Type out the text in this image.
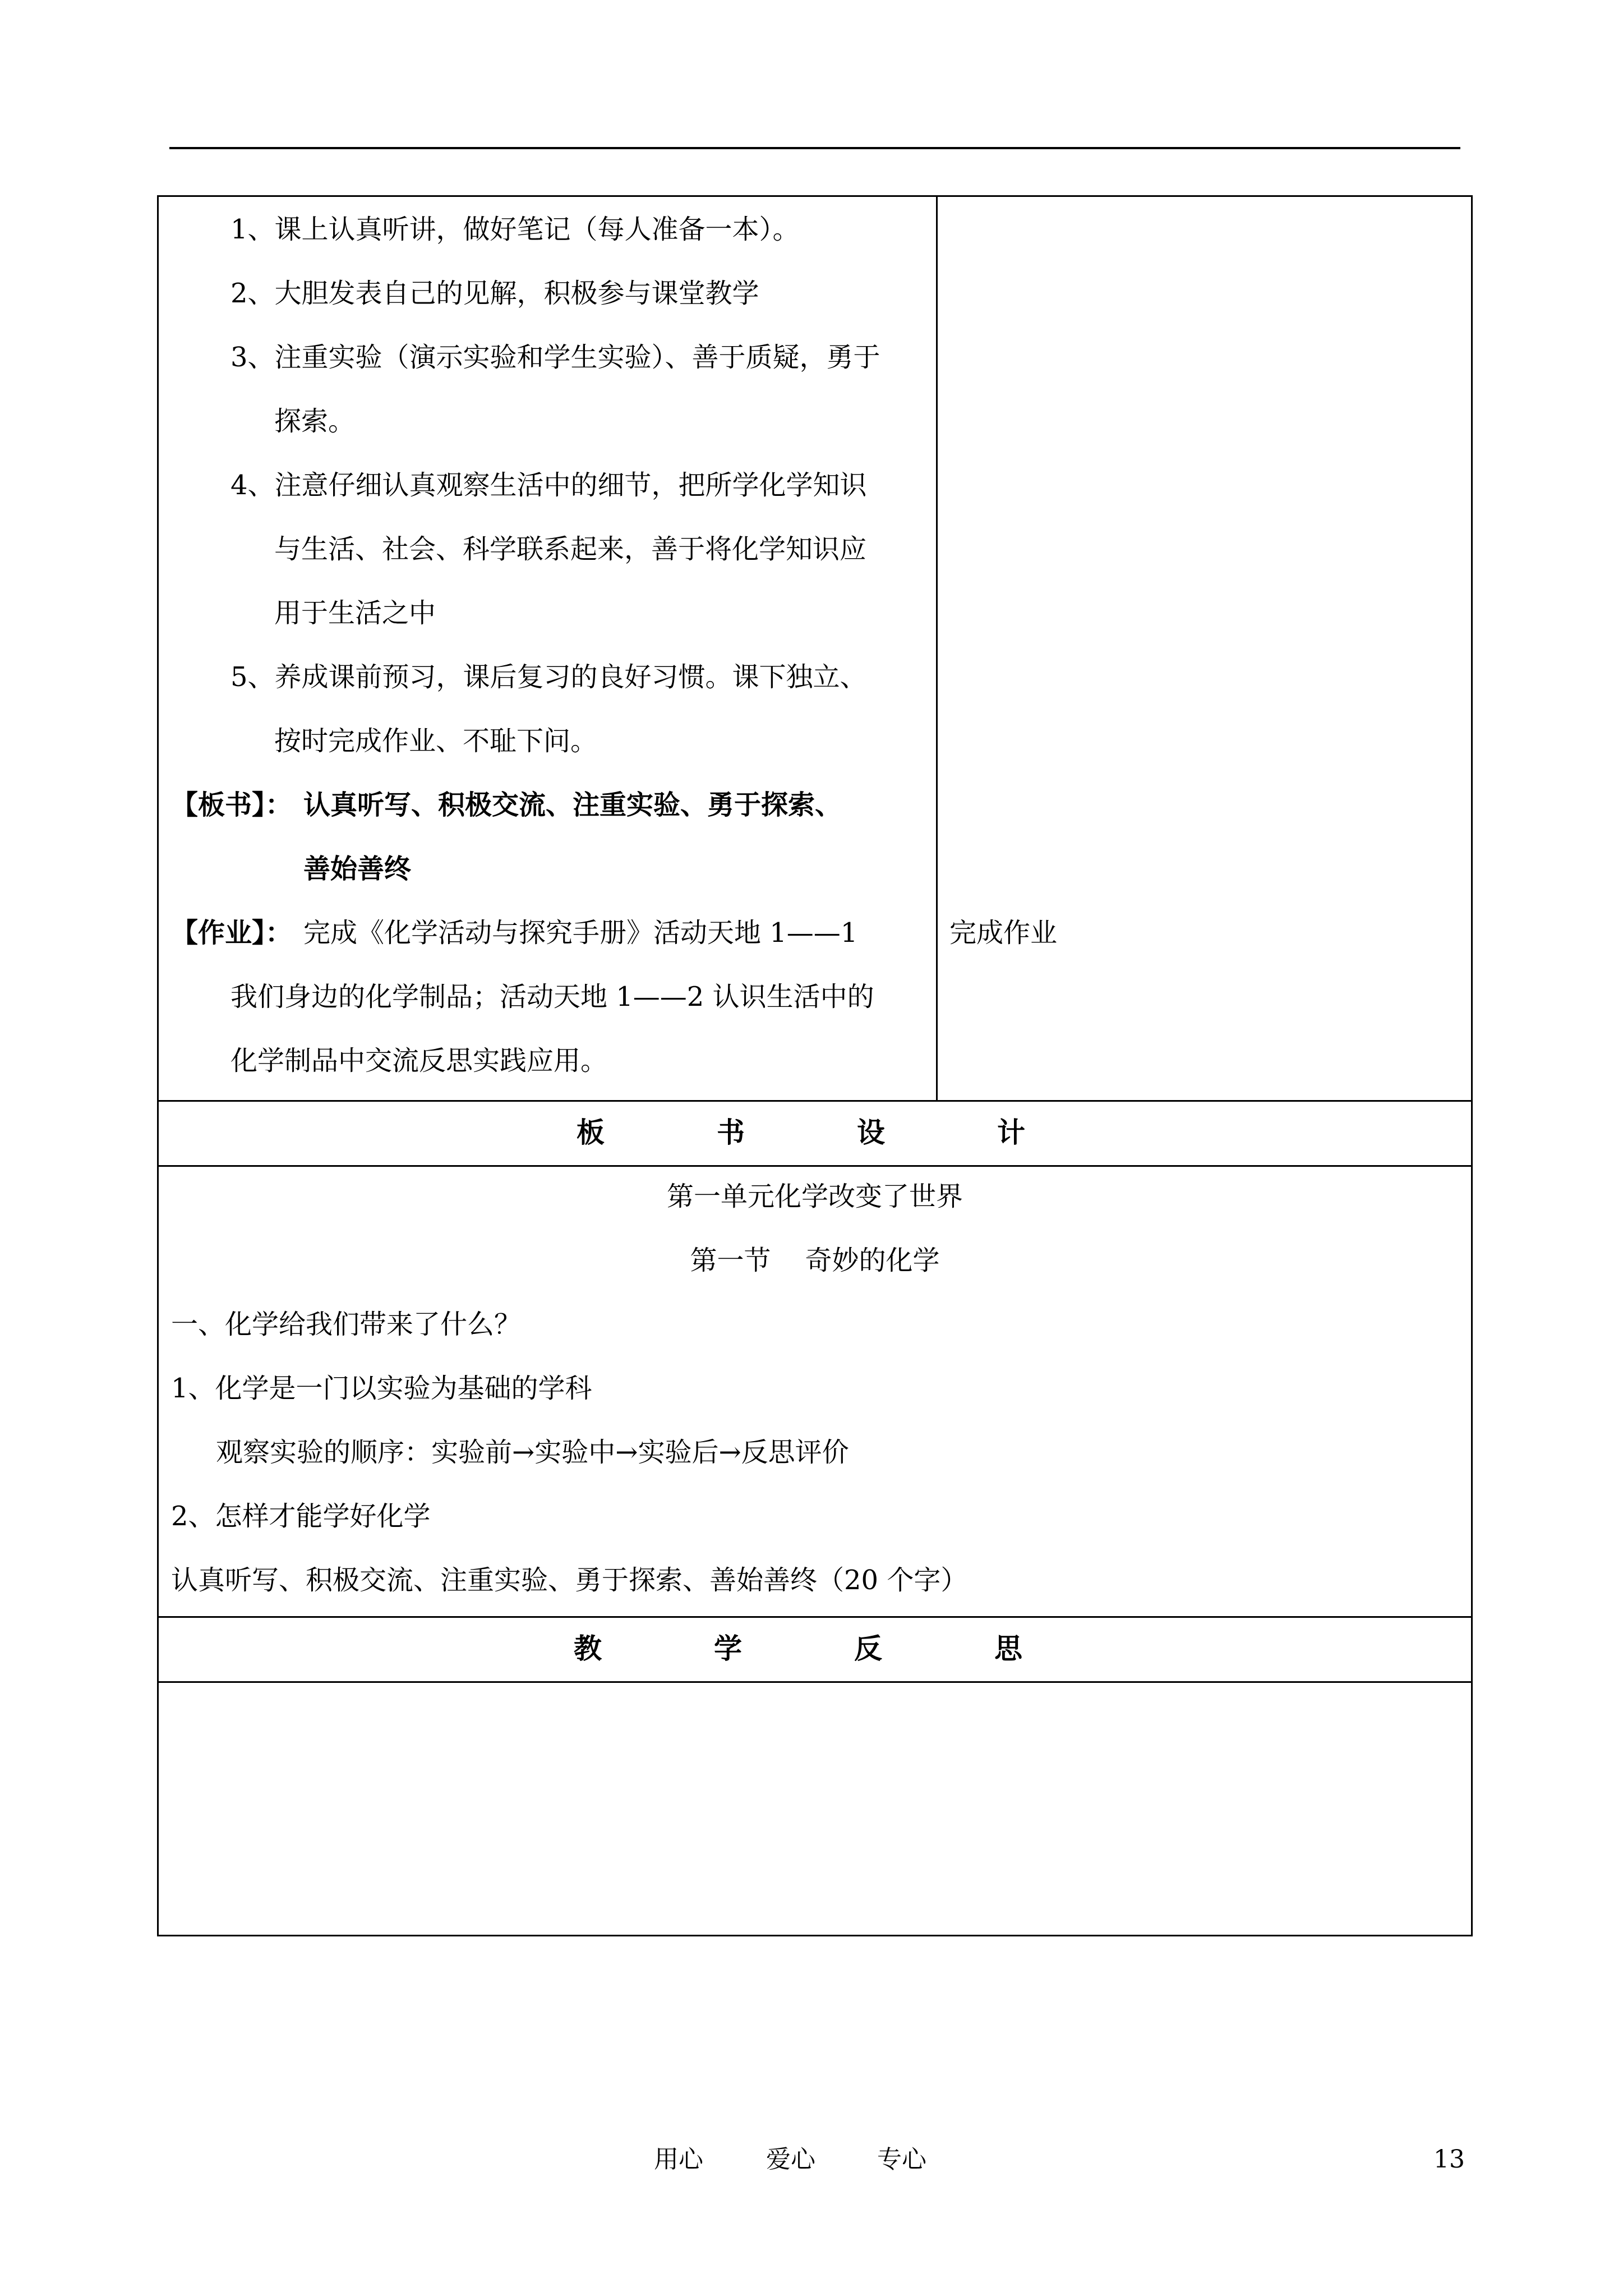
1、课上认真听讲，做好笔记（每人准备一本）。
2、大胆发表自己的见解，积极参与课堂教学
3、注重实验（演示实验和学生实验）、善于质疑，勇于
探索。
4、注意仔细认真观察生活中的细节，把所学化学知识
与生活、社会、科学联系起来，善于将化学知识应
用于生活之中
5、养成课前预习，课后复习的良好习惯。课下独立、
按时完成作业、不耻下问。
【板书】： 认真听写、积极交流、注重实验、勇于探索、
善始善终
【作业】： 完成《化学活动与探究手册》活动天地 1——1
我们身边的化学制品；活动天地 1——2 认识生活中的
化学制品中交流反思实践应用。
完成作业
板	书	设	计
第一单元化学改变了世界
第一节    奇妙的化学
一、化学给我们带来了什么？
1、化学是一门以实验为基础的学科
观察实验的顺序：实验前→实验中→实验后→反思评价
2、怎样才能学好化学
认真听写、积极交流、注重实验、勇于探索、善始善终（20 个字）
教	学	反	思
用心	爱心	专心	13
